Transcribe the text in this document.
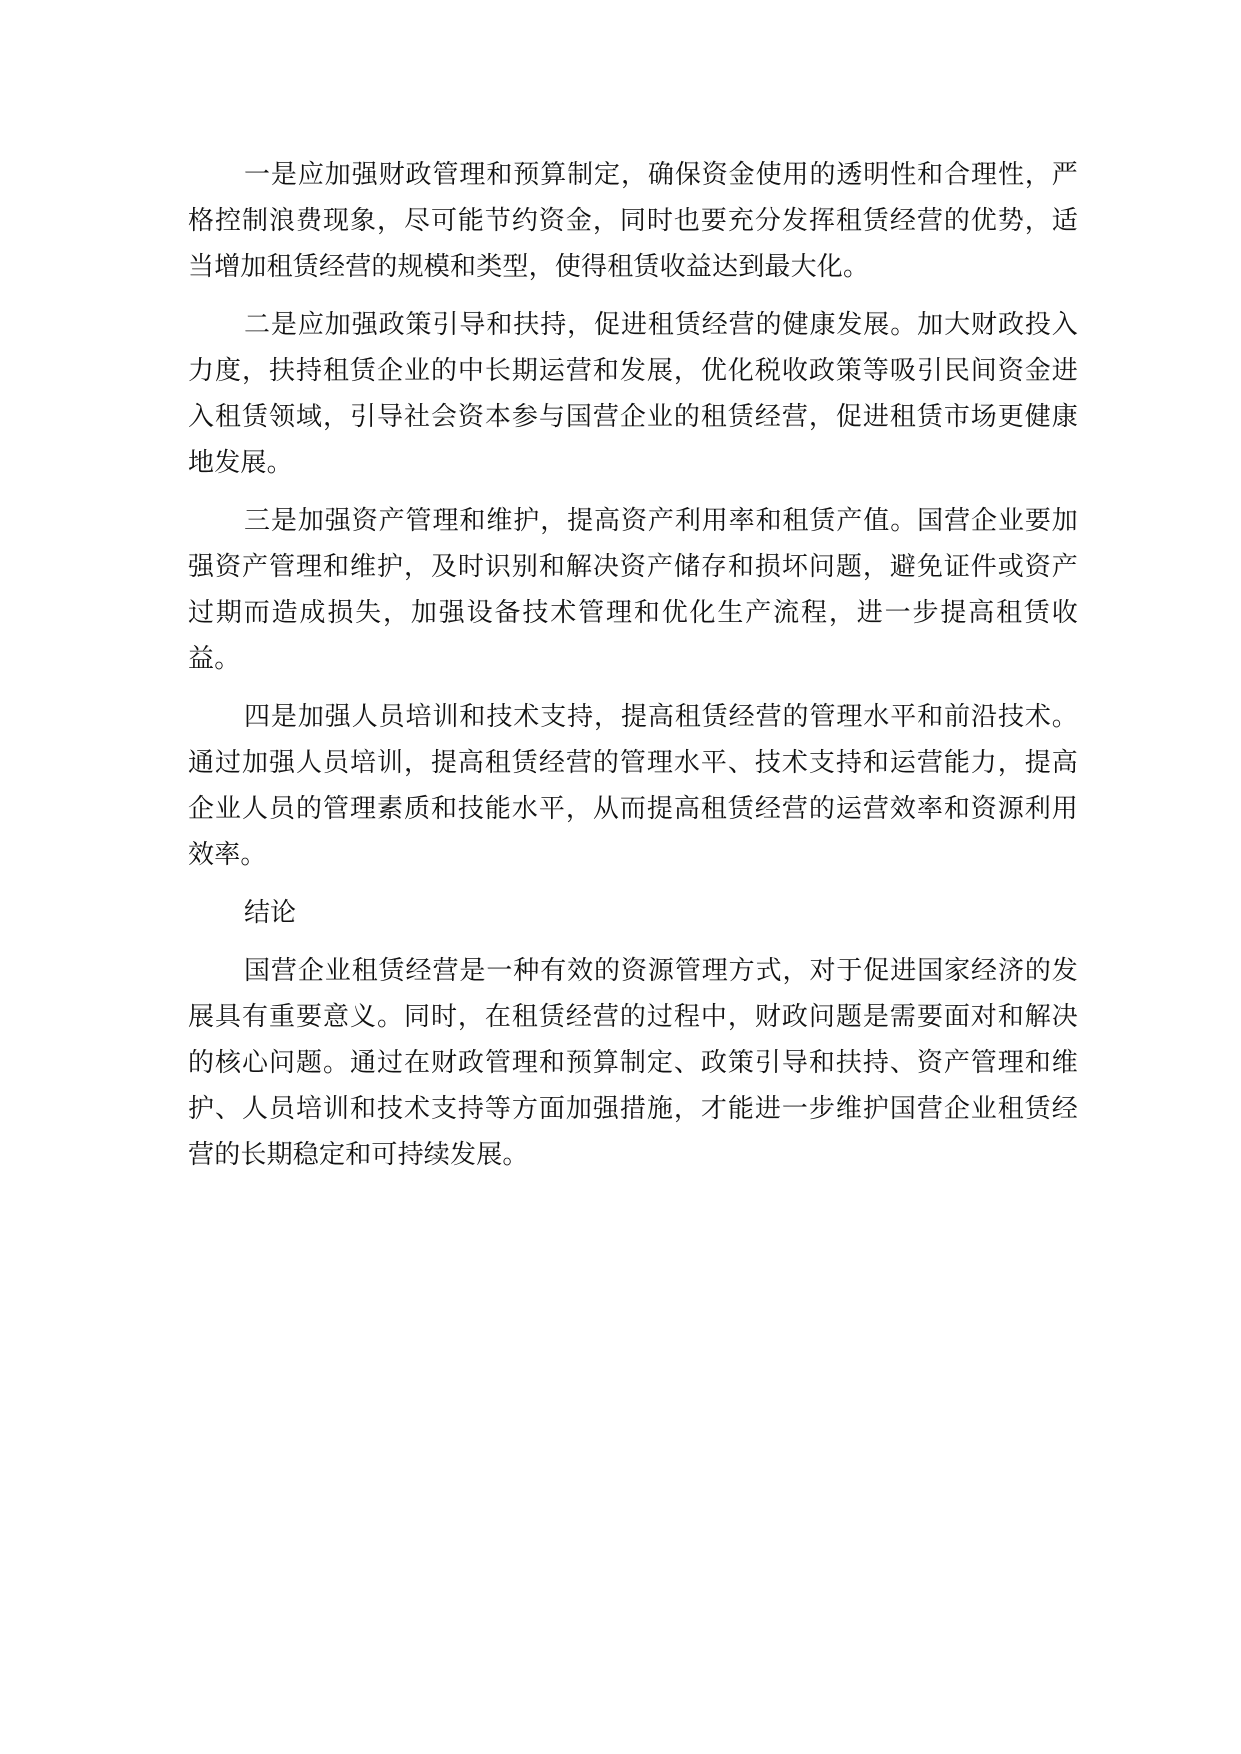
一是应加强财政管理和预算制定，确保资金使用的透明性和合理性，严格控制浪费现象，尽可能节约资金，同时也要充分发挥租赁经营的优势，适当增加租赁经营的规模和类型，使得租赁收益达到最大化。

二是应加强政策引导和扶持，促进租赁经营的健康发展。加大财政投入力度，扶持租赁企业的中长期运营和发展，优化税收政策等吸引民间资金进入租赁领域，引导社会资本参与国营企业的租赁经营，促进租赁市场更健康地发展。

三是加强资产管理和维护，提高资产利用率和租赁产值。国营企业要加强资产管理和维护，及时识别和解决资产储存和损坏问题，避免证件或资产过期而造成损失，加强设备技术管理和优化生产流程，进一步提高租赁收益。

四是加强人员培训和技术支持，提高租赁经营的管理水平和前沿技术。通过加强人员培训，提高租赁经营的管理水平、技术支持和运营能力，提高企业人员的管理素质和技能水平，从而提高租赁经营的运营效率和资源利用效率。

结论

国营企业租赁经营是一种有效的资源管理方式，对于促进国家经济的发展具有重要意义。同时，在租赁经营的过程中，财政问题是需要面对和解决的核心问题。通过在财政管理和预算制定、政策引导和扶持、资产管理和维护、人员培训和技术支持等方面加强措施，才能进一步维护国营企业租赁经营的长期稳定和可持续发展。
